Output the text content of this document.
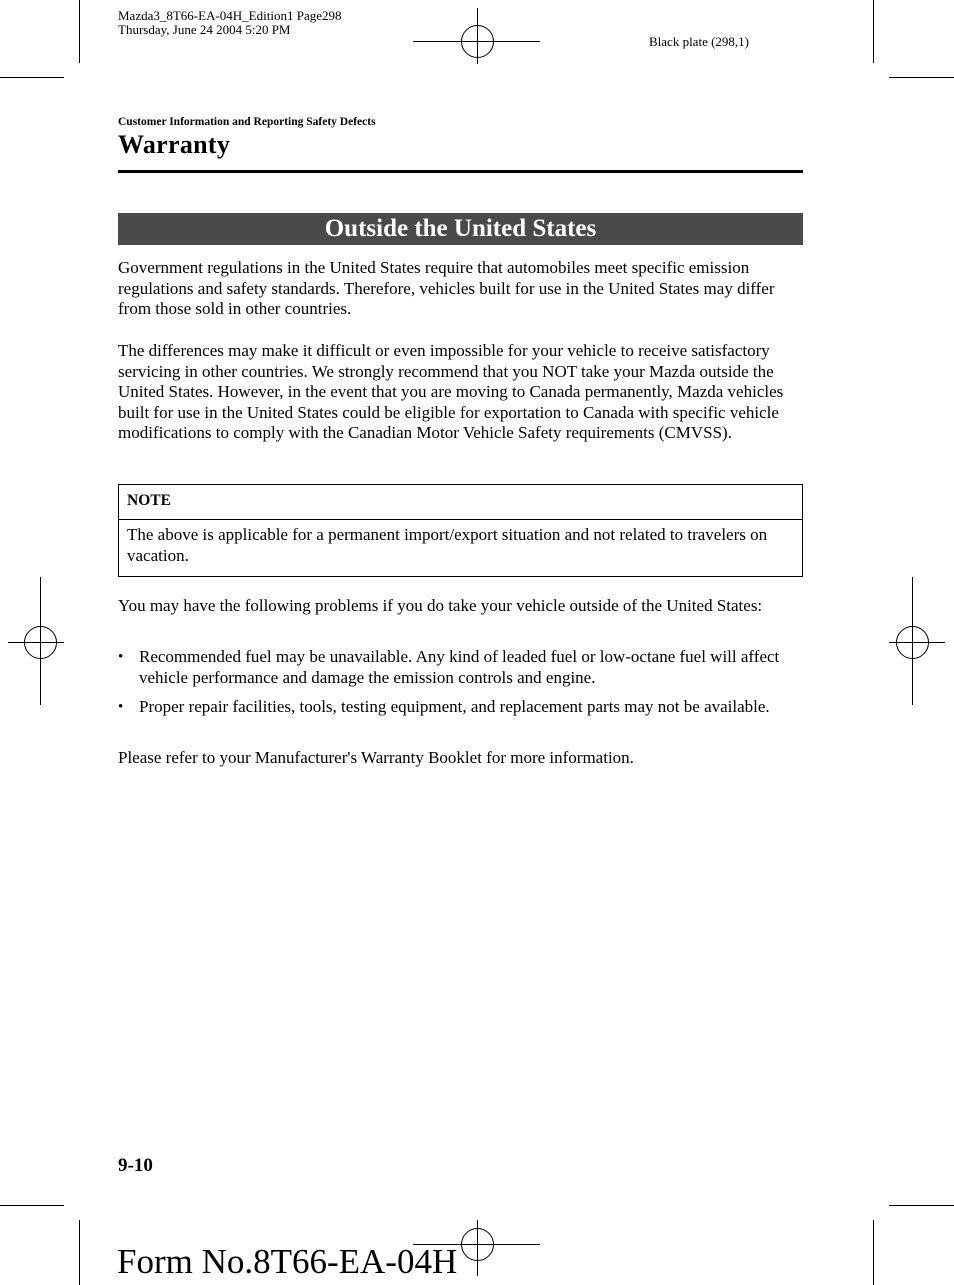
Mazda3_8T66-EA-04H_Edition1 Page298
Thursday, June 24 2004 5:20 PM
Black plate (298,1)
Customer Information and Reporting Safety Defects
Warranty
Outside the United States
Government regulations in the United States require that automobiles meet specific emission regulations and safety standards. Therefore, vehicles built for use in the United States may differ from those sold in other countries.
The differences may make it difficult or even impossible for your vehicle to receive satisfactory servicing in other countries. We strongly recommend that you NOT take your Mazda outside the United States. However, in the event that you are moving to Canada permanently, Mazda vehicles built for use in the United States could be eligible for exportation to Canada with specific vehicle modifications to comply with the Canadian Motor Vehicle Safety requirements (CMVSS).
NOTE
The above is applicable for a permanent import/export situation and not related to travelers on vacation.
You may have the following problems if you do take your vehicle outside of the United States:
• Recommended fuel may be unavailable. Any kind of leaded fuel or low-octane fuel will affect vehicle performance and damage the emission controls and engine.
• Proper repair facilities, tools, testing equipment, and replacement parts may not be available.
Please refer to your Manufacturer's Warranty Booklet for more information.
9-10
Form No.8T66-EA-04H
